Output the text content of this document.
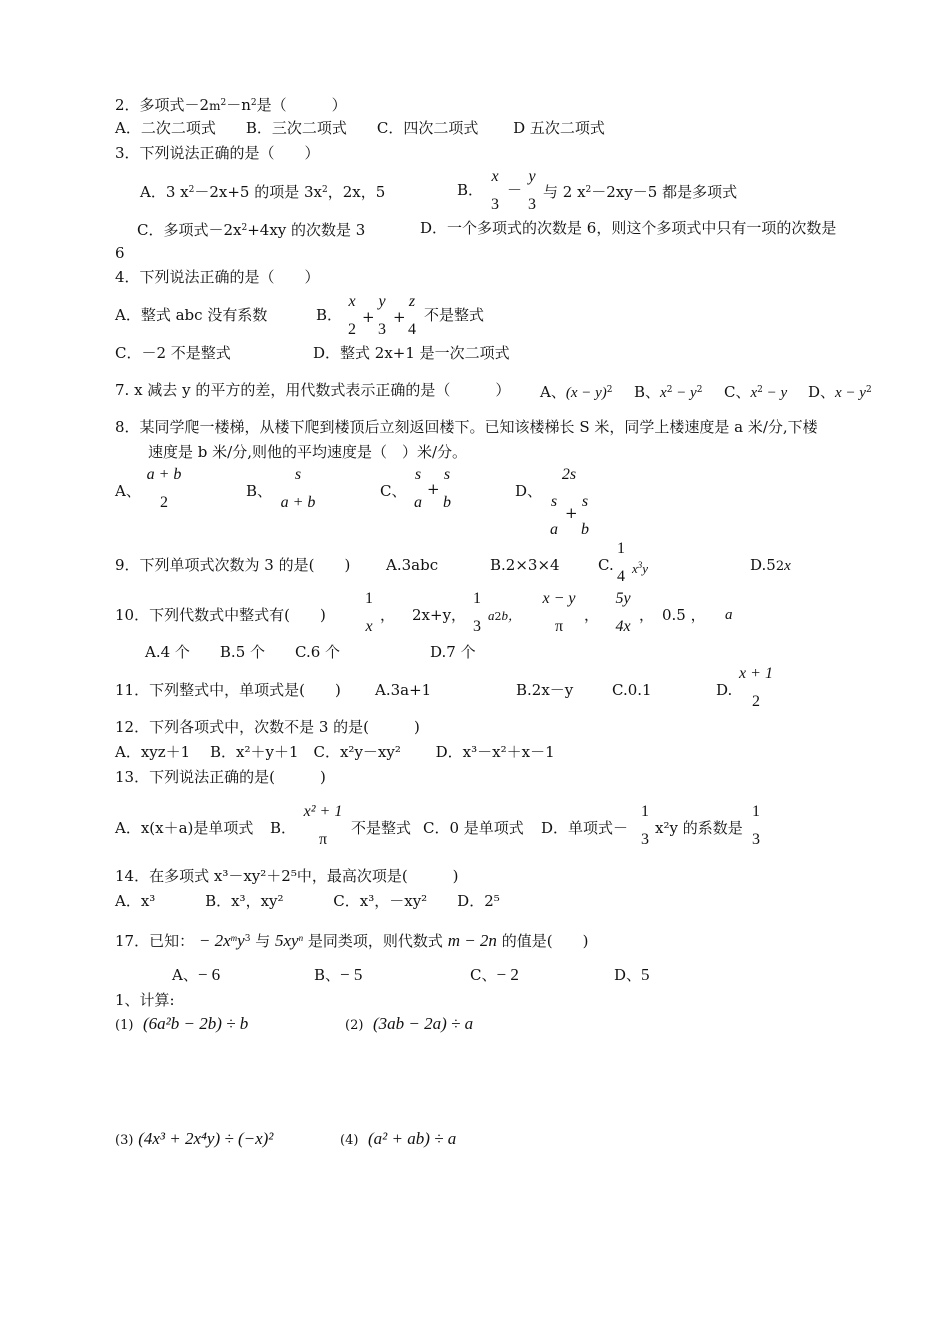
2．多项式$-2m^2-n^2$是（　　　）
A．二次二项式　　B．三次二项式　　C．四次二项式　　 D 五次二项式
3．下列说法正确的是（　　）
A．3 $x^2-2x+5$ 的项是 $3x^2$，2x，5	B．
x
3
－
y
3
与 2 $x^2-2xy-5$ 都是多项式
C．多项式$-2x^2+4xy$ 的次数是 3	D．一个多项式的次数是 6，则这个多项式中只有一项的次数是
6
4．下列说法正确的是（　　）
A．整式 abc 没有系数	B．
x
2
+
y
3
+
z
4
不是整式
C．－2 不是整式	D．整式 2x+1 是一次二项式
7. x 减去 y 的平方的差，用代数式表示正确的是（　　　） A、$(x - y)^2$ B、$x^2 - y^2$ C、$x^2 - y$ D、$x - y^2$
8．某同学爬一楼梯，从楼下爬到楼顶后立刻返回楼下。已知该楼梯长 S 米，同学上楼速度是 a 米/分,下楼
速度是 b 米/分,则他的平均速度是（　）米/分。
A、
a + b
2
B、
s
a + b
C、
s
a
+
s
b
D、
2s
s
a
+
s
b
9．下列单项式次数为 3 的是(　　) A.3abc	B.2×3×4	C.
1
4 $x^3y$	D.52x
10．下列代数式中整式有(　　)
1
x
， 2x+y，
1
3
a2b，
x − y
π
，
5y
4x
， 0.5 ， a
A.4 个　　B.5 个　　C.6 个　　　　　　D.7 个
11．下列整式中，单项式是(　　) A.3a+1	B.2x－y	C.0.1	D.
x + 1
2
12．下列各项式中，次数不是 3 的是(　　　)
A．xyz＋1　 B．x²＋y＋1　C．x²y－xy²　　 D．x³－x²＋x－1
13．下列说法正确的是(　　　)
A．x(x＋a)是单项式 B．
x² + 1
π
不是整式 C．0 是单项式 D．单项式－
1
3
x²y 的系数是
1
3
14．在多项式 x³－xy²＋2⁵中，最高次项是(　　　)
A．x³　　　 B．x³，xy²　　　 C．x³，－xy²　　D．2⁵
17．已知： − $2x^my^3$ 与 $5xy^n$ 是同类项，则代数式 m − 2n 的值是(　　)
A、− 6	B、− 5	C、− 2	D、5
1、计算:
(1) (6a²b − 2b) ÷ b	(2) (3ab − 2a) ÷ a
(3) (4x³ + 2x⁴y) ÷ (−x)²	(4) (a² + ab) ÷ a
